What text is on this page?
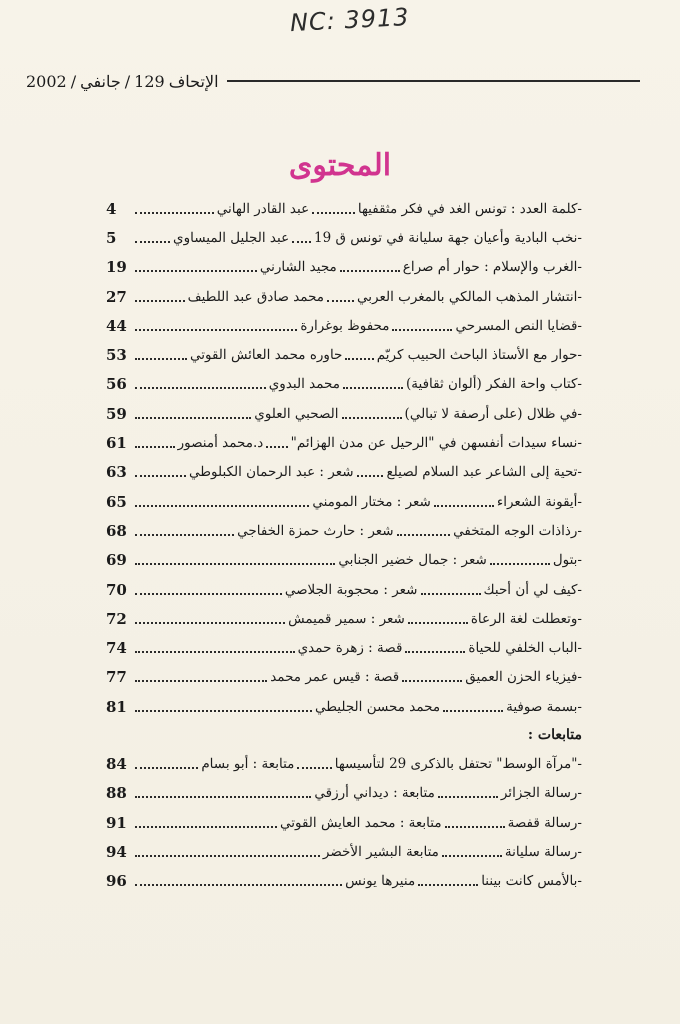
NC: 3913
2002 / جانفي / 129 الإتحاف
المحتوى
4	عبد القادر الهاني	-كلمة العدد : تونس الغد في فكر مثقفيها
5	عبد الجليل الميساوي -نخب البادية وأعيان جهة سليانة في تونس ق 19
19	مجيد الشارني	-الغرب والإسلام : حوار أم صراع
27	محمد صادق عبد اللطيف -انتشار المذهب المالكي بالمغرب العربي
44	محفوظ بوغرارة	-قضايا النص المسرحي
53	حاوره محمد العائش القوتي	-حوار مع الأستاذ الباحث الحبيب كريّم
56	محمد البدوي	-كتاب واحة الفكر (ألوان ثقافية)
59	الصحبي العلوي	-في ظلال (على أرصفة لا تبالي)
61	د.محمد أمنصور -نساء سيدات أنفسهن في "الرحيل عن مدن الهزائم"
63	شعر : عبد الرحمان الكبلوطي -تحية إلى الشاعر عبد السلام لصيلع
65	شعر : مختار المومني	-أيقونة الشعراء
68	شعر : حارث حمزة الخفاجي	-رذاذات الوجه المتخفي
69	شعر : جمال خضير الجنابي	-بتول
70	شعر : محجوبة الجلاصي	-كيف لي أن أحبك
72	شعر : سمير قميمش	-وتعطلت لغة الرعاة
74	قصة : زهرة حمدي	-الباب الخلفي للحياة
77	قصة : قيس عمر محمد	-فيزياء الحزن العميق
81	محمد محسن الجليطي	-بسمة صوفية
متابعات :
84	متابعة : أبو بسام	-"مرآة الوسط" تحتفل بالذكرى 29 لتأسيسها
88	متابعة : ديداني أرزقي	-رسالة الجزائر
91	متابعة : محمد العايش القوتي	-رسالة قفصة
94	متابعة البشير الأخضر	-رسالة سليانة
96	منيرها يونس	-بالأمس كانت بيننا
